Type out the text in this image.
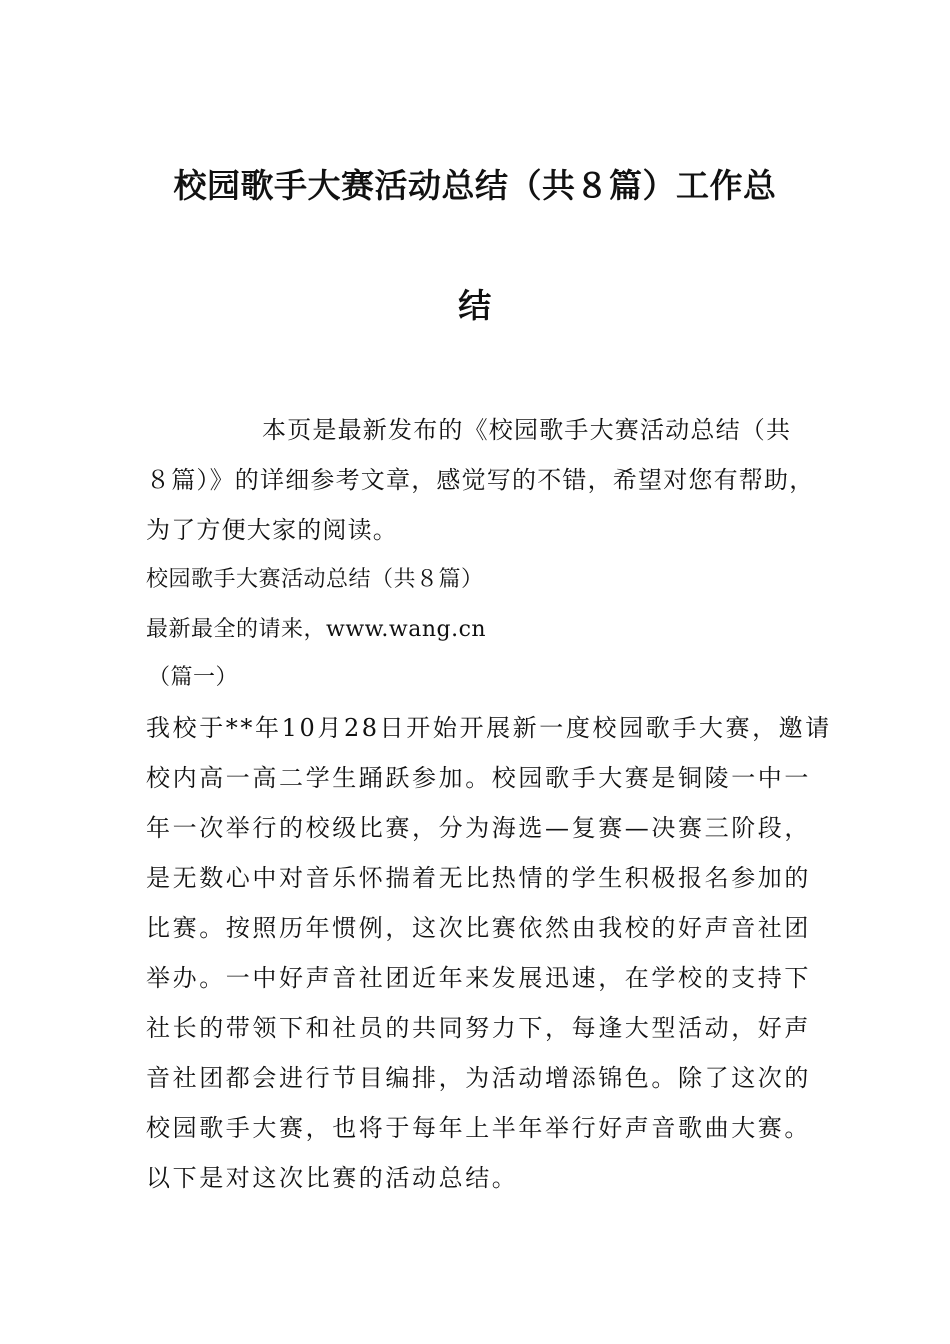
校园歌手大赛活动总结（共８篇）工作总
结

本页是最新发布的《校园歌手大赛活动总结（共

８篇）》的详细参考文章，感觉写的不错，希望对您有帮助，

为了方便大家的阅读。

校园歌手大赛活动总结（共８篇）

最新最全的请来，www.wang.cn

（篇一）

我校于**年10月28日开始开展新一度校园歌手大赛，邀请

校内高一高二学生踊跃参加。校园歌手大赛是铜陵一中一

年一次举行的校级比赛，分为海选—复赛—决赛三阶段，

是无数心中对音乐怀揣着无比热情的学生积极报名参加的

比赛。按照历年惯例，这次比赛依然由我校的好声音社团

举办。一中好声音社团近年来发展迅速，在学校的支持下

社长的带领下和社员的共同努力下，每逢大型活动，好声

音社团都会进行节目编排，为活动增添锦色。除了这次的

校园歌手大赛，也将于每年上半年举行好声音歌曲大赛。

以下是对这次比赛的活动总结。
